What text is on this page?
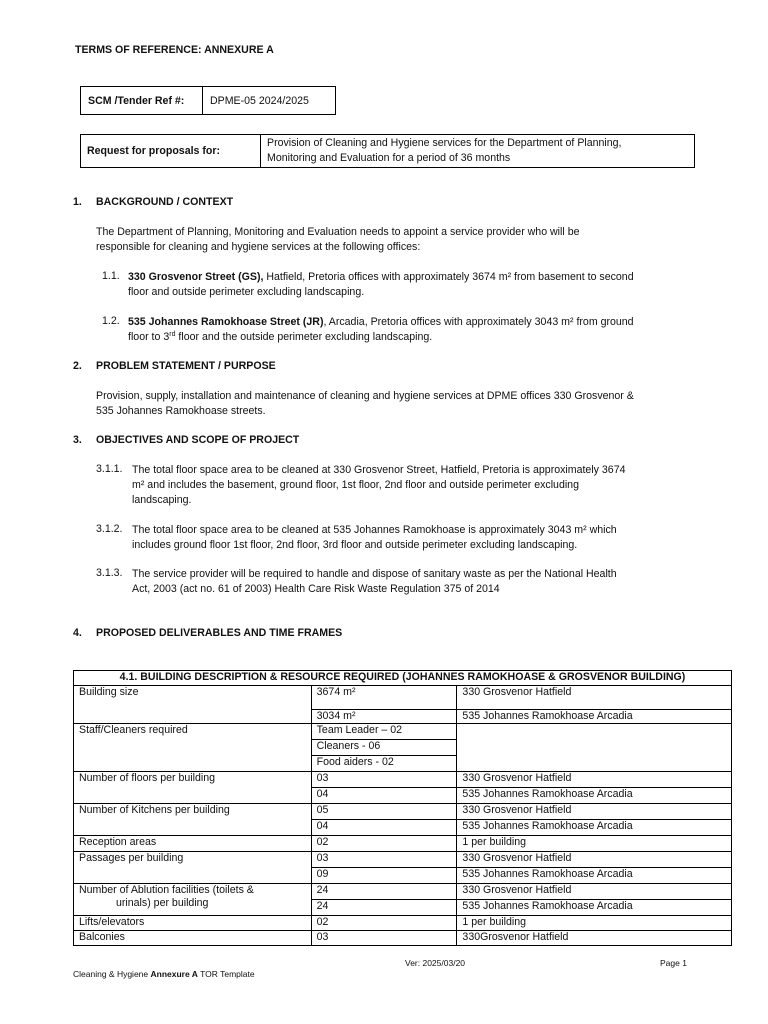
TERMS OF REFERENCE: ANNEXURE A
SCM /Tender Ref #:	DPME-05 2024/2025
Request for proposals for:	
Provision of Cleaning and Hygiene services for the Department of Planning,
Monitoring and Evaluation for a period of 36 months
1. BACKGROUND / CONTEXT
The Department of Planning, Monitoring and Evaluation needs to appoint a service provider who will be
responsible for cleaning and hygiene services at the following offices:
1.1. 330 Grosvenor Street (GS), Hatfield, Pretoria offices with approximately 3674 m² from basement to second
floor and outside perimeter excluding landscaping.
1.2. 535 Johannes Ramokhoase Street (JR), Arcadia, Pretoria offices with approximately 3043 m² from ground
floor to 3rd floor and the outside perimeter excluding landscaping.
2. PROBLEM STATEMENT / PURPOSE
Provision, supply, installation and maintenance of cleaning and hygiene services at DPME offices 330 Grosvenor &
535 Johannes Ramokhoase streets.
3. OBJECTIVES AND SCOPE OF PROJECT
3.1.1. The total floor space area to be cleaned at 330 Grosvenor Street, Hatfield, Pretoria is approximately 3674
m² and includes the basement, ground floor, 1st floor, 2nd floor and outside perimeter excluding
landscaping.
3.1.2. The total floor space area to be cleaned at 535 Johannes Ramokhoase is approximately 3043 m² which
includes ground floor 1st floor, 2nd floor, 3rd floor and outside perimeter excluding landscaping.
3.1.3. The service provider will be required to handle and dispose of sanitary waste as per the National Health
Act, 2003 (act no. 61 of 2003) Health Care Risk Waste Regulation 375 of 2014
4. PROPOSED DELIVERABLES AND TIME FRAMES
4.1. BUILDING DESCRIPTION & RESOURCE REQUIRED (JOHANNES RAMOKHOASE & GROSVENOR BUILDING)		
Building size	3674 m²	330 Grosvenor Hatfield
	3034 m²	535 Johannes Ramokhoase Arcadia
Staff/Cleaners required	Team Leader – 02	
	Cleaners - 06	
	Food aiders - 02	
Number of floors per building	03	330 Grosvenor Hatfield
	04	535 Johannes Ramokhoase Arcadia
Number of Kitchens per building	05	330 Grosvenor Hatfield
	04	535 Johannes Ramokhoase Arcadia
Reception areas	02	1 per building
Passages per building	03	330 Grosvenor Hatfield
	09	535 Johannes Ramokhoase Arcadia

Number of Ablution facilities (toilets &
urinals) per building	24	330 Grosvenor Hatfield
	24	535 Johannes Ramokhoase Arcadia
Lifts/elevators	02	1 per building
Balconies	03	330Grosvenor Hatfield
Ver: 2025/03/20	Page 1
Cleaning & Hygiene Annexure A TOR Template
